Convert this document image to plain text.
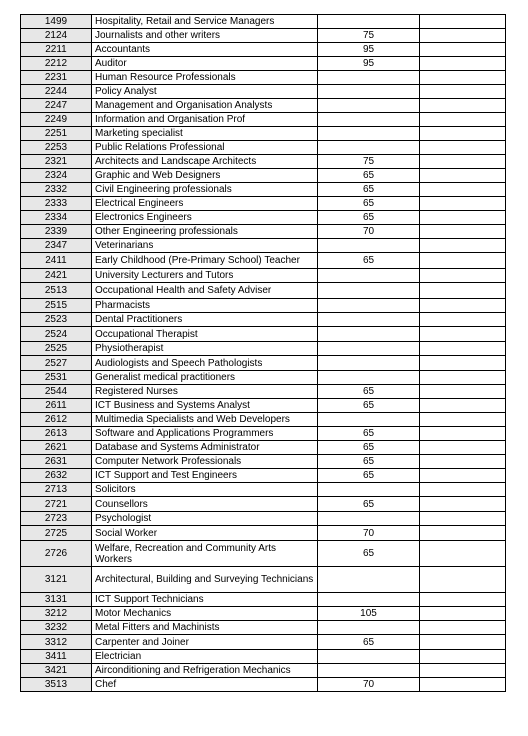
1499	Hospitality, Retail and Service Managers		
2124	Journalists and other writers	75	
2211	Accountants	95	
2212	Auditor	95	
2231	Human Resource Professionals		
2244	Policy Analyst		
2247	Management and Organisation Analysts		
2249	Information and Organisation Prof		
2251	Marketing specialist		
2253	Public Relations Professional		
2321	Architects and Landscape Architects	75	
2324	Graphic and Web Designers	65	
2332	Civil Engineering professionals	65	
2333	Electrical Engineers	65	
2334	Electronics Engineers	65	
2339	Other Engineering professionals	70	
2347	Veterinarians		
2411	Early Childhood (Pre-Primary School) Teacher	65	
2421	University Lecturers and Tutors		
2513	Occupational Health and Safety Adviser		
2515	Pharmacists		
2523	Dental Practitioners		
2524	Occupational Therapist		
2525	Physiotherapist		
2527	Audiologists and Speech Pathologists		
2531	Generalist medical practitioners		
2544	Registered Nurses	65	
2611	ICT Business and Systems Analyst	65	
2612	Multimedia Specialists and Web Developers		
2613	Software and Applications Programmers	65	
2621	Database and Systems Administrator	65	
2631	Computer Network Professionals	65	
2632	ICT Support and Test Engineers	65	
2713	Solicitors		
2721	Counsellors	65	
2723	Psychologist		
2725	Social Worker	70	
2726	Welfare, Recreation and Community Arts Workers	65	
3121	Architectural, Building and Surveying Technicians		
3131	ICT Support Technicians		
3212	Motor Mechanics	105	
3232	Metal Fitters and Machinists		
3312	Carpenter and Joiner	65	
3411	Electrician		
3421	Airconditioning and Refrigeration Mechanics		
3513	Chef	70	
